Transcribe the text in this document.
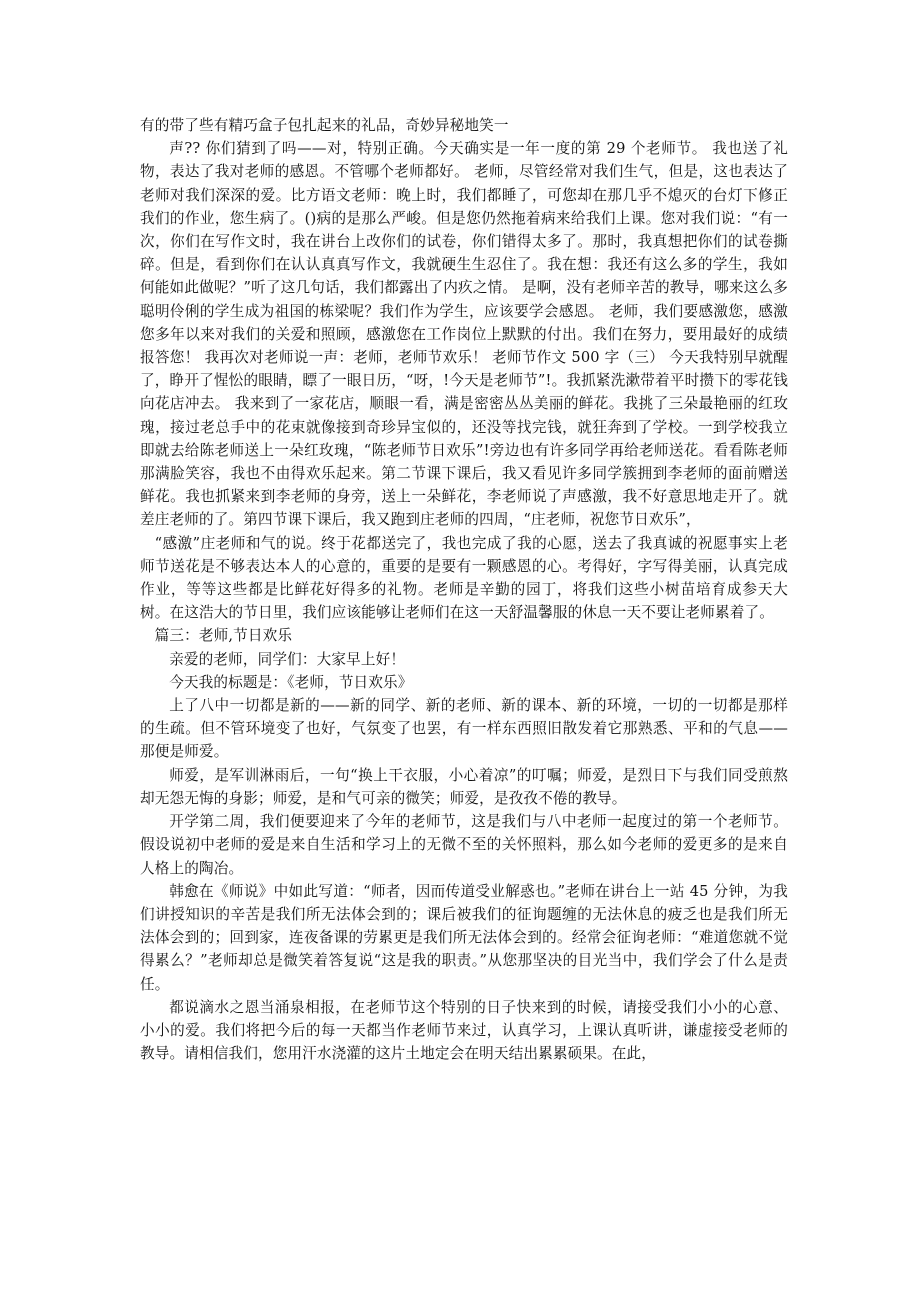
有的带了些有精巧盒子包扎起来的礼品，奇妙异秘地笑一

声?? 你们猜到了吗——对，特别正确。今天确实是一年一度的第 29 个老师节。 我也送了礼物，表达了我对老师的感恩。不管哪个老师都好。 老师，尽管经常对我们生气，但是，这也表达了老师对我们深深的爱。比方语文老师：晚上时，我们都睡了，可您却在那几乎不熄灭的台灯下修正我们的作业，您生病了。()病的是那么严峻。但是您仍然拖着病来给我们上课。您对我们说：“有一次，你们在写作文时，我在讲台上改你们的试卷，你们错得太多了。那时，我真想把你们的试卷撕碎。但是，看到你们在认认真真写作文，我就硬生生忍住了。我在想：我还有这么多的学生，我如何能如此做呢？”听了这几句话，我们都露出了内疚之情。 是啊，没有老师辛苦的教导，哪来这么多聪明伶俐的学生成为祖国的栋梁呢？我们作为学生，应该要学会感恩。 老师，我们要感激您，感激您多年以来对我们的关爱和照顾，感激您在工作岗位上默默的付出。我们在努力，要用最好的成绩报答您！ 我再次对老师说一声：老师，老师节欢乐！ 老师节作文 500 字（三） 今天我特别早就醒了，睁开了惺忪的眼睛，瞟了一眼日历，“呀，!今天是老师节”!。我抓紧洗漱带着平时攒下的零花钱向花店冲去。 我来到了一家花店，顺眼一看，满是密密丛丛美丽的鲜花。我挑了三朵最艳丽的红玫瑰，接过老总手中的花束就像接到奇珍异宝似的，还没等找完钱，就狂奔到了学校。一到学校我立即就去给陈老师送上一朵红玫瑰，“陈老师节日欢乐”!旁边也有许多同学再给老师送花。看看陈老师那满脸笑容，我也不由得欢乐起来。第二节课下课后，我又看见许多同学簇拥到李老师的面前赠送鲜花。我也抓紧来到李老师的身旁，送上一朵鲜花，李老师说了声感激，我不好意思地走开了。就差庄老师的了。第四节课下课后，我又跑到庄老师的四周，“庄老师，祝您节日欢乐”，

“感激”庄老师和气的说。终于花都送完了，我也完成了我的心愿，送去了我真诚的祝愿事实上老师节送花是不够表达本人的心意的，重要的是要有一颗感恩的心。考得好，字写得美丽，认真完成作业，等等这些都是比鲜花好得多的礼物。老师是辛勤的园丁，将我们这些小树苗培育成参天大树。在这浩大的节日里，我们应该能够让老师们在这一天舒温馨服的休息一天不要让老师累着了。

篇三：老师,节日欢乐

亲爱的老师，同学们：大家早上好！

今天我的标题是：《老师，节日欢乐》

上了八中一切都是新的——新的同学、新的老师、新的课本、新的环境，一切的一切都是那样的生疏。但不管环境变了也好，气氛变了也罢，有一样东西照旧散发着它那熟悉、平和的气息——那便是师爱。

师爱，是军训淋雨后，一句“换上干衣服，小心着凉”的叮嘱；师爱，是烈日下与我们同受煎熬却无怨无悔的身影；师爱，是和气可亲的微笑；师爱，是孜孜不倦的教导。

开学第二周，我们便要迎来了今年的老师节，这是我们与八中老师一起度过的第一个老师节。假设说初中老师的爱是来自生活和学习上的无微不至的关怀照料，那么如今老师的爱更多的是来自人格上的陶冶。

韩愈在《师说》中如此写道：“师者，因而传道受业解惑也。”老师在讲台上一站 45 分钟，为我们讲授知识的辛苦是我们所无法体会到的；课后被我们的征询题缠的无法休息的疲乏也是我们所无法体会到的；回到家，连夜备课的劳累更是我们所无法体会到的。经常会征询老师：“难道您就不觉得累么？”老师却总是微笑着答复说“这是我的职责。”从您那坚决的目光当中，我们学会了什么是责任。

都说滴水之恩当涌泉相报，在老师节这个特别的日子快来到的时候，请接受我们小小的心意、小小的爱。我们将把今后的每一天都当作老师节来过，认真学习，上课认真听讲，谦虚接受老师的教导。请相信我们，您用汗水浇灌的这片土地定会在明天结出累累硕果。在此，
